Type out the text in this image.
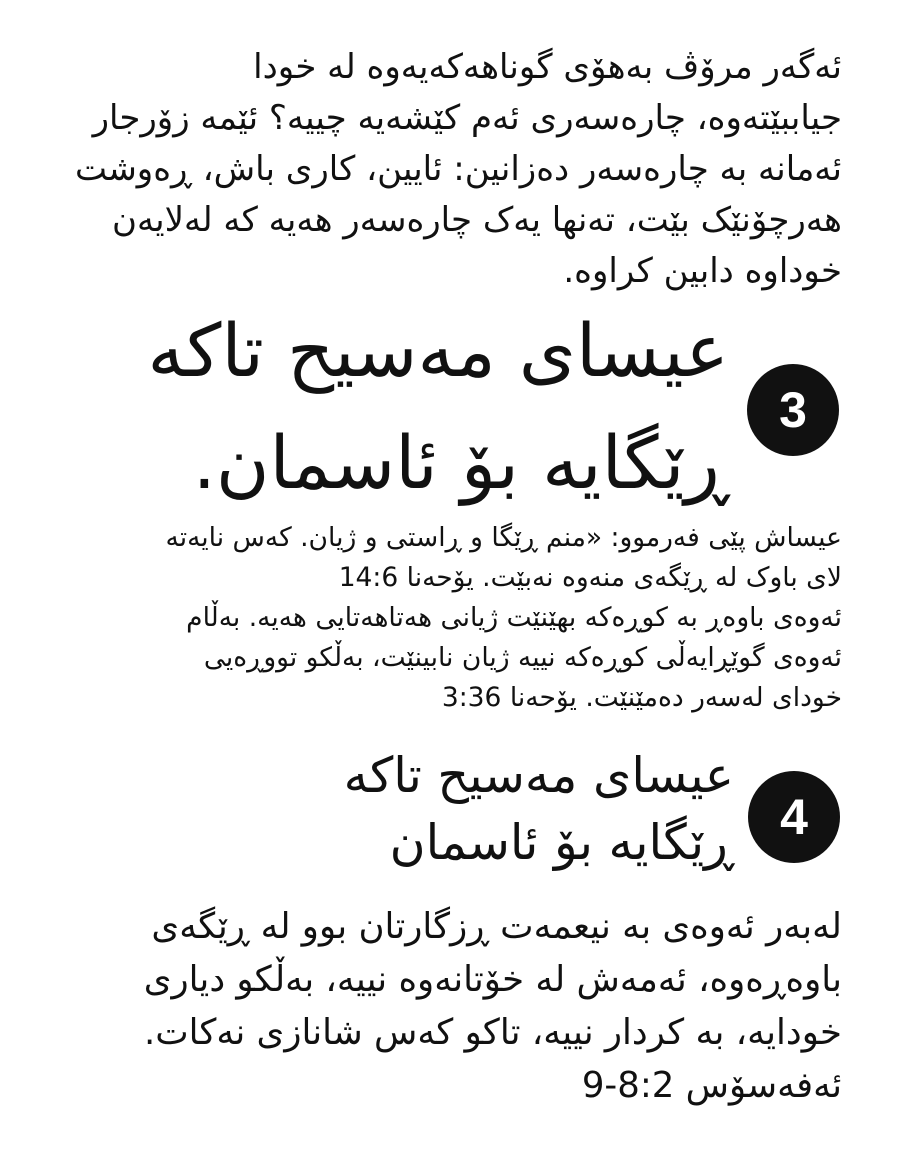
ئەگەر مرۆڤ بەهۆی گوناهەکەیەوە لە خودا
جیاببێتەوە، چارەسەری ئەم کێشەیە چییە؟ ئێمە زۆرجار
ئەمانە بە چارەسەر دەزانین: ئایین، کاری باش، ڕەوشت
هەرچۆنێک بێت، تەنها یەک چارەسەر هەیە کە لەلایەن
خوداوە دابین کراوە.
عیسای مەسیح تاکە
ڕێگایە بۆ ئاسمان.
3
عیساش پێی فەرموو: «منم ڕێگا و ڕاستی و ژیان. کەس نایەتە
لای باوک لە ڕێگەی منەوە نەبێت. یۆحەنا 14:6
ئەوەی باوەڕ بە کوڕەکە بهێنێت ژیانی هەتاهەتایی هەیە. بەڵام
ئەوەی گوێڕایەڵی کوڕەکە نییە ژیان نابینێت، بەڵکو تووڕەیی
خودای لەسەر دەمێنێت. یۆحەنا 3:36
عیسای مەسیح تاکە
ڕێگایە بۆ ئاسمان 4
لەبەر ئەوەی بە نیعمەت ڕزگارتان بوو لە ڕێگەی
باوەڕەوە، ئەمەش لە خۆتانەوە نییە، بەڵکو دیاری
خودایە، بە کردار نییە، تاکو کەس شانازی نەکات.
ئەفەسۆس 8:2-9
